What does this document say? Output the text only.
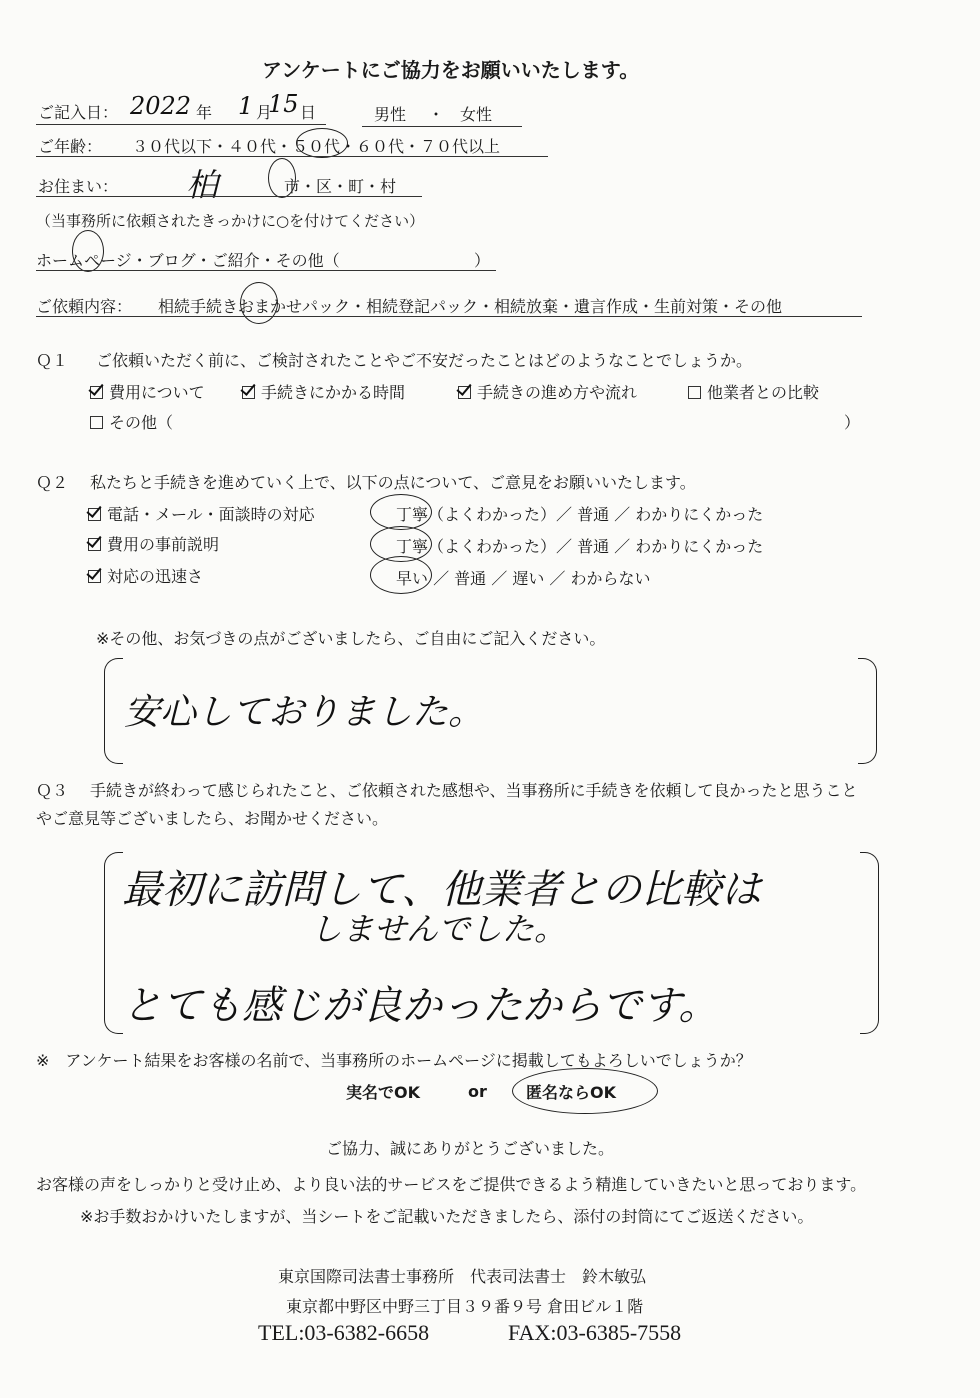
アンケートにご協力をお願いいたします。
ご記入日： 2022 年 1 月
15 日	男性 ・ 女性
ご年齢： ３０代以下・４０代・５０代・６０代・７０代以上
お住まい： 柏	市・区・町・村
（当事務所に依頼されたきっかけに○を付けてください）
ホームページ・ブログ・ご紹介・その他（	）
ご依頼内容： 相続手続きおまかせパック・相続登記パック・相続放棄・遺言作成・生前対策・その他
Ｑ１ ご依頼いただく前に、ご検討されたことやご不安だったことはどのようなことでしょうか。
費用について	手続きにかかる時間	手続きの進め方や流れ	他業者との比較
その他（	）
Ｑ２ 私たちと手続きを進めていく上で、以下の点について、ご意見をお願いいたします。
電話・メール・面談時の対応	丁寧（よくわかった）／ 普通 ／ わかりにくかった
費用の事前説明	丁寧（よくわかった）／ 普通 ／ わかりにくかった
対応の迅速さ	早い ／ 普通 ／ 遅い ／ わからない
※その他、お気づきの点がございましたら、ご自由にご記入ください。
安心しておりました。
Ｑ３ 手続きが終わって感じられたこと、ご依頼された感想や、当事務所に手続きを依頼して良かったと思うこと
やご意見等ございましたら、お聞かせください。
最初に訪問して、他業者との比較は
しませんでした。
とても感じが良かったからです。
※　アンケート結果をお客様の名前で、当事務所のホームページに掲載してもよろしいでしょうか？
実名でOK	or 匿名ならOK
ご協力、誠にありがとうございました。
お客様の声をしっかりと受け止め、より良い法的サービスをご提供できるよう精進していきたいと思っております。
※お手数おかけいたしますが、当シートをご記載いただきましたら、添付の封筒にてご返送ください。
東京国際司法書士事務所　代表司法書士　鈴木敏弘
東京都中野区中野三丁目３９番９号 倉田ビル１階
TEL:03-6382-6658	FAX:03-6385-7558
